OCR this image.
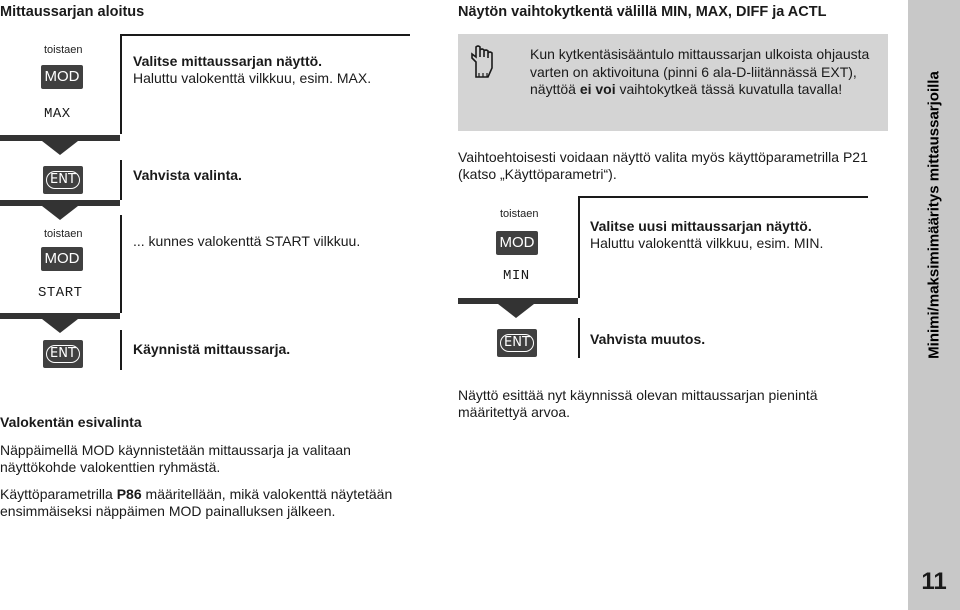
Mittaussarjan aloitus
toistaen
MOD
MAX
Valitse mittaussarjan näyttö.
Haluttu valokenttä vilkkuu, esim. MAX.
ENT	Vahvista valinta.
toistaen
MOD
START
... kunnes valokenttä START vilkkuu.
ENT	Käynnistä mittaussarja.
Valokentän esivalinta
Näppäimellä MOD käynnistetään mittaussarja ja valitaan näyttökohde valokenttien ryhmästä.
Käyttöparametrilla P86 määritellään, mikä valokenttä näytetään ensimmäiseksi näppäimen MOD painalluksen jälkeen.
Näytön vaihtokytkentä välillä MIN, MAX, DIFF ja ACTL
Kun kytkentäsisääntulo mittaussarjan ulkoista ohjausta varten on aktivoituna (pinni 6 ala-D-liitännässä EXT), näyttöä ei voi vaihtokytkeä tässä kuvatulla tavalla!
Vaihtoehtoisesti voidaan näyttö valita myös käyttöparametrilla P21 (katso „Käyttöparametri“).
toistaen
MOD
MIN
Valitse uusi mittaussarjan näyttö.
Haluttu valokenttä vilkkuu, esim. MIN.
ENT	Vahvista muutos.
Näyttö esittää nyt käynnissä olevan mittaussarjan pienintä määritettyä arvoa.
Minimi/maksimimääritys mittaussarjoilla
11
